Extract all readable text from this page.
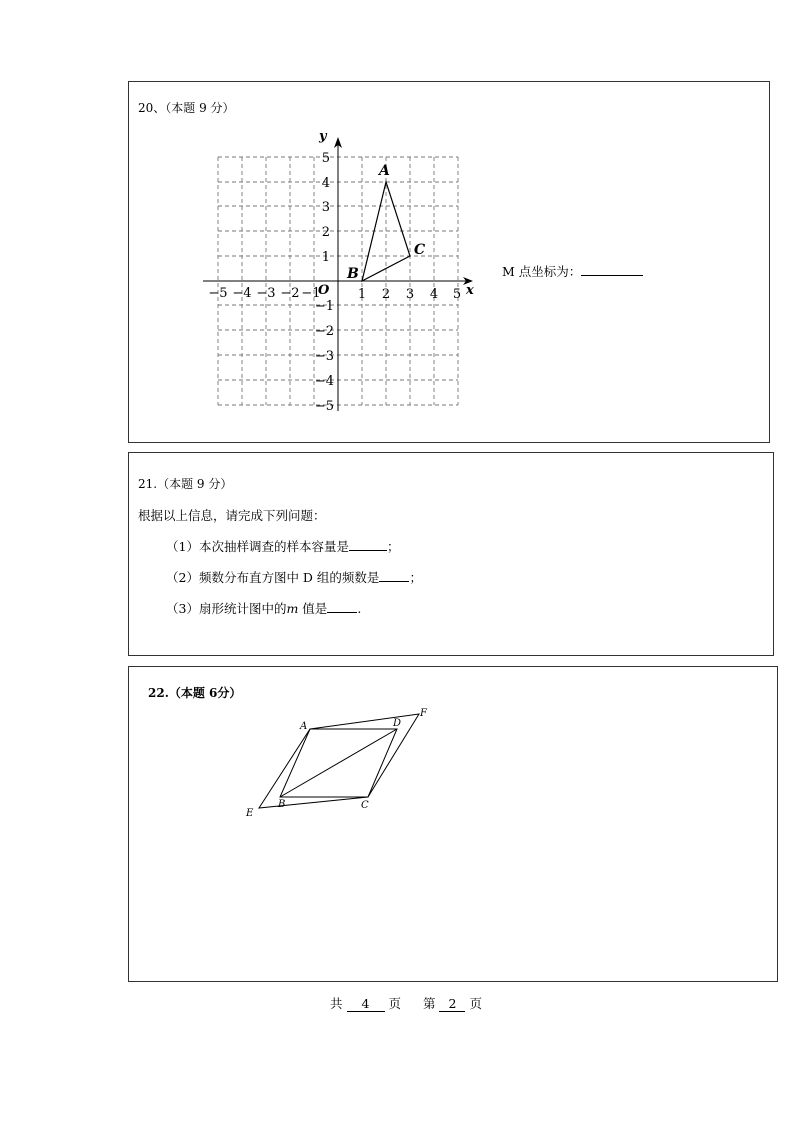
20、（本题 9 分）
x
y
O
−5 −4 −3 −2 −1	1 2 3 4 5
1
2
3
4
5
−1
−2
−3
−4
−5
A
B
C
M 点坐标为：
21.（本题 9 分）
根据以上信息，请完成下列问题：
（1）本次抽样调查的样本容量是	；
（2）频数分布直方图中 D 组的频数是 ；
（3）扇形统计图中的m 值是 .
22.（本题 6分）
A	D
F
E
B	C
共 4 页 第 2 页
